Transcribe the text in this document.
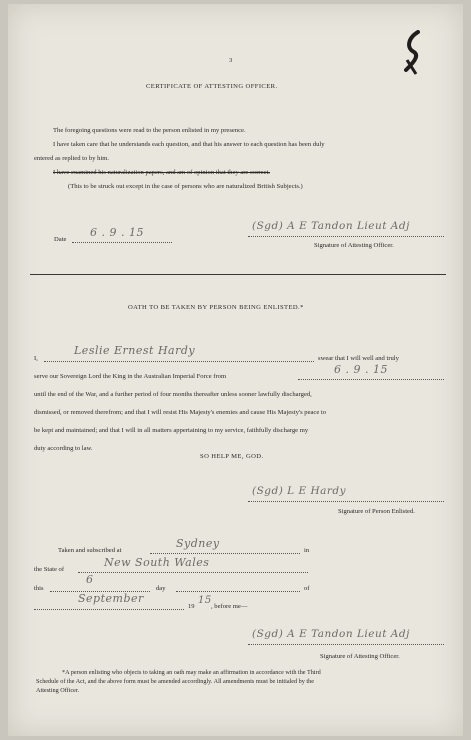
3
CERTIFICATE OF ATTESTING OFFICER.
The foregoing questions were read to the person enlisted in my presence.
I have taken care that he understands each question, and that his answer to each question has been duly
entered as replied to by him.
I have examined his naturalization papers, and am of opinion that they are correct.
(This to be struck out except in the case of persons who are naturalized British Subjects.)
Date
6 . 9 . 15	(Sgd) A E Tandon Lieut Adj
Signature of Attesting Officer.
OATH TO BE TAKEN BY PERSON BEING ENLISTED.*
I,
Leslie Ernest Hardy
swear that I will well and truly
serve our Sovereign Lord the King in the Australian Imperial Force from
6 . 9 . 15
until the end of the War, and a further period of four months thereafter unless sooner lawfully discharged,
dismissed, or removed therefrom; and that I will resist His Majesty's enemies and cause His Majesty's peace to
be kept and maintained; and that I will in all matters appertaining to my service, faithfully discharge my
duty according to law.
SO HELP ME, GOD.
(Sgd) L E Hardy
Signature of Person Enlisted.
Taken and subscribed at
Sydney
in
the State of
New South Wales
this
6
day	of
September
19
15
, before me—
(Sgd) A E Tandon Lieut Adj
Signature of Attesting Officer.
*A person enlisting who objects to taking an oath may make an affirmation in accordance with the Third
Schedule of the Act, and the above form must be amended accordingly. All amendments must be initialed by the
Attesting Officer.
